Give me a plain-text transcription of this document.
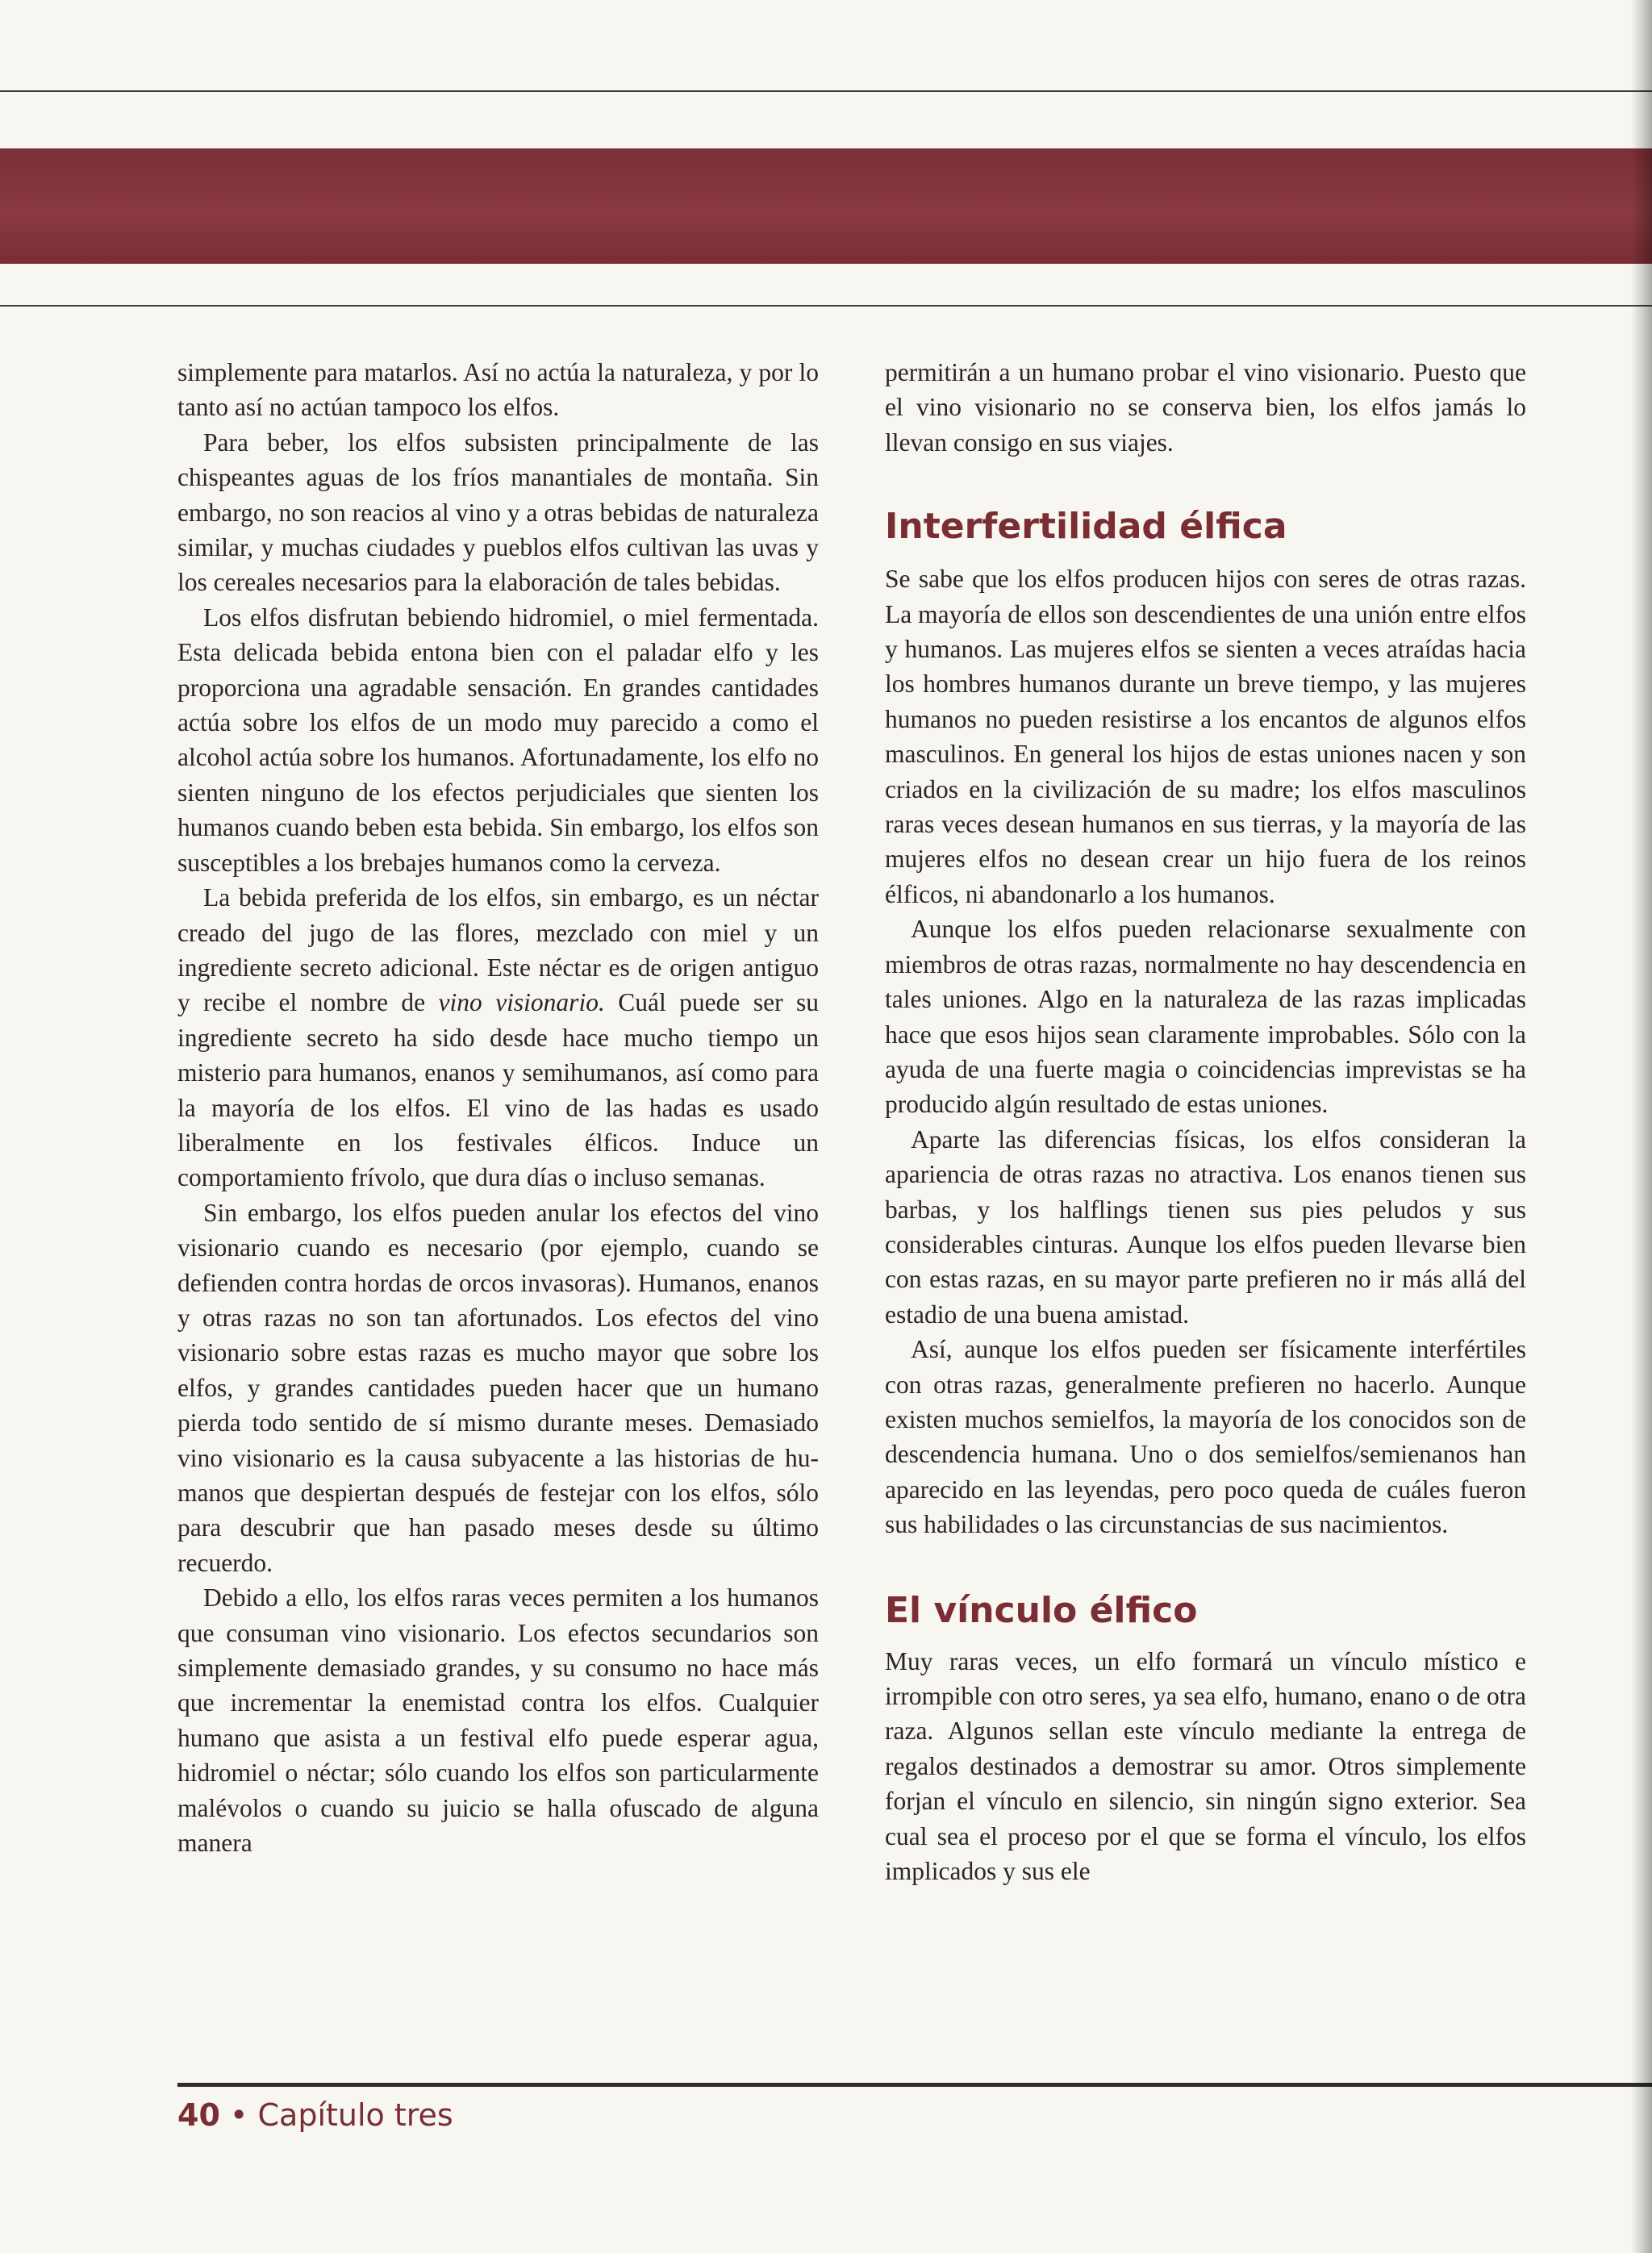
simplemente para matarlos. Así no actúa la naturaleza, y por lo tanto así no actúan tampoco los elfos.

Para beber, los elfos subsisten principalmente de las chispeantes aguas de los fríos manantiales de montaña. Sin embargo, no son reacios al vino y a otras bebidas de naturaleza similar, y muchas ciudades y pueblos elfos cultivan las uvas y los cereales necesarios para la elaboración de tales bebidas.

Los elfos disfrutan bebiendo hidromiel, o miel fermentada. Esta delicada bebida entona bien con el paladar elfo y les proporciona una agradable sensación. En grandes cantidades actúa sobre los elfos de un modo muy parecido a como el alcohol actúa sobre los humanos. Afortunadamente, los elfo no sienten ninguno de los efectos perjudiciales que sienten los humanos cuando beben esta bebida. Sin embargo, los elfos son susceptibles a los brebajes humanos como la cerveza.

La bebida preferida de los elfos, sin embargo, es un néctar creado del jugo de las flores, mezclado con miel y un ingrediente secreto adicional. Este néctar es de origen antiguo y recibe el nombre de vino visionario. Cuál puede ser su ingrediente secreto ha sido desde hace mucho tiempo un misterio para humanos, enanos y semihumanos, así como para la mayoría de los elfos. El vino de las hadas es usado liberalmente en los festivales élficos. Induce un comportamiento frívolo, que dura días o incluso semanas.

Sin embargo, los elfos pueden anular los efectos del vino visionario cuando es necesario (por ejemplo, cuando se defienden contra hordas de orcos invasoras). Humanos, enanos y otras razas no son tan afortunados. Los efectos del vino visionario sobre estas razas es mucho mayor que sobre los elfos, y grandes cantidades pueden hacer que un humano pierda todo sentido de sí mismo durante meses. Demasiado vino visionario es la causa subyacente a las historias de humanos que despiertan después de festejar con los elfos, sólo para descubrir que han pasado meses desde su último recuerdo.

Debido a ello, los elfos raras veces permiten a los humanos que consuman vino visionario. Los efectos secundarios son simplemente demasiado grandes, y su consumo no hace más que incrementar la enemistad contra los elfos. Cualquier humano que asista a un festival elfo puede esperar agua, hidromiel o néctar; sólo cuando los elfos son particularmente malévolos o cuando su juicio se halla ofuscado de alguna manera

permitirán a un humano probar el vino visionario. Puesto que el vino visionario no se conserva bien, los elfos jamás lo llevan consigo en sus viajes.

Interfertilidad élfica

Se sabe que los elfos producen hijos con seres de otras razas. La mayoría de ellos son descendientes de una unión entre elfos y humanos. Las mujeres elfos se sienten a veces atraídas hacia los hombres humanos durante un breve tiempo, y las mujeres humanos no pueden resistirse a los encantos de algunos elfos masculinos. En general los hijos de estas uniones nacen y son criados en la civilización de su madre; los elfos masculinos raras veces desean humanos en sus tierras, y la mayoría de las mujeres elfos no desean crear un hijo fuera de los reinos élficos, ni abandonarlo a los humanos.

Aunque los elfos pueden relacionarse sexualmente con miembros de otras razas, normalmente no hay descendencia en tales uniones. Algo en la naturaleza de las razas implicadas hace que esos hijos sean claramente improbables. Sólo con la ayuda de una fuerte magia o coincidencias imprevistas se ha producido algún resultado de estas uniones.

Aparte las diferencias físicas, los elfos consideran la apariencia de otras razas no atractiva. Los enanos tienen sus barbas, y los halflings tienen sus pies peludos y sus considerables cinturas. Aunque los elfos pueden llevarse bien con estas razas, en su mayor parte prefieren no ir más allá del estadio de una buena amistad.

Así, aunque los elfos pueden ser físicamente interfértiles con otras razas, generalmente prefieren no hacerlo. Aunque existen muchos semielfos, la mayoría de los conocidos son de descendencia humana. Uno o dos semielfos/semienanos han aparecido en las leyendas, pero poco queda de cuáles fueron sus habilidades o las circunstancias de sus nacimientos.

El vínculo élfico

Muy raras veces, un elfo formará un vínculo místico e irrompible con otro seres, ya sea elfo, humano, enano o de otra raza. Algunos sellan este vínculo mediante la entrega de regalos destinados a demostrar su amor. Otros simplemente forjan el vínculo en silencio, sin ningún signo exterior. Sea cual sea el proceso por el que se forma el vínculo, los elfos implicados y sus ele

40 • Capítulo tres
